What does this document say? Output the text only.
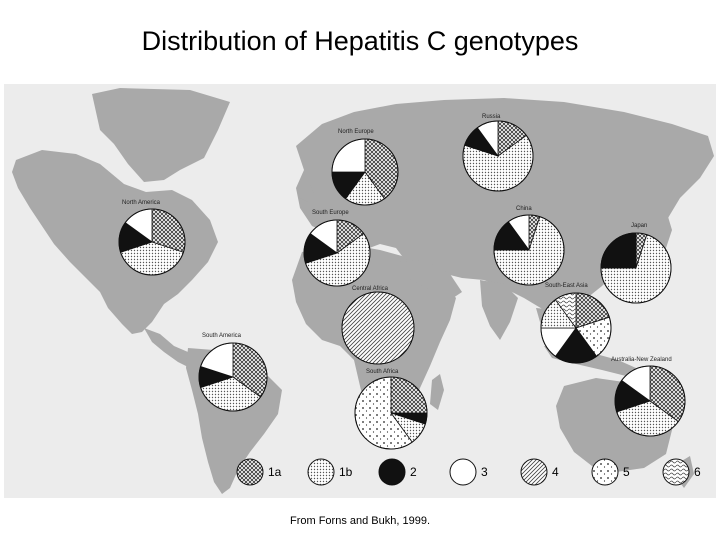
Distribution of Hepatitis C genotypes
North America
North Europe
South Europe
Russia
China
Japan
Central Africa	South-East Asia
South America
South Africa
Australia-New Zealand
1a	1b	2	3	4	5	6
From Forns and Bukh, 1999.
